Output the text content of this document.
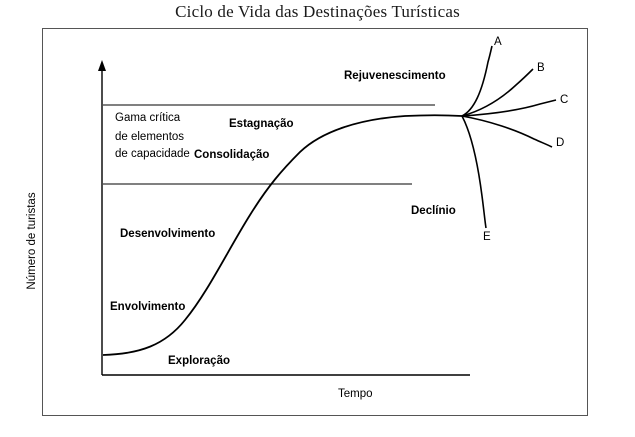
Ciclo de Vida das Destinações Turísticas
Número de turistas
Tempo
Exploração
Envolvimento
Desenvolvimento
Consolidação
Estagnação
Rejuvenescimento
Declínio
Gama crítica
de elementos
de capacidade
A
B
C
D
E
